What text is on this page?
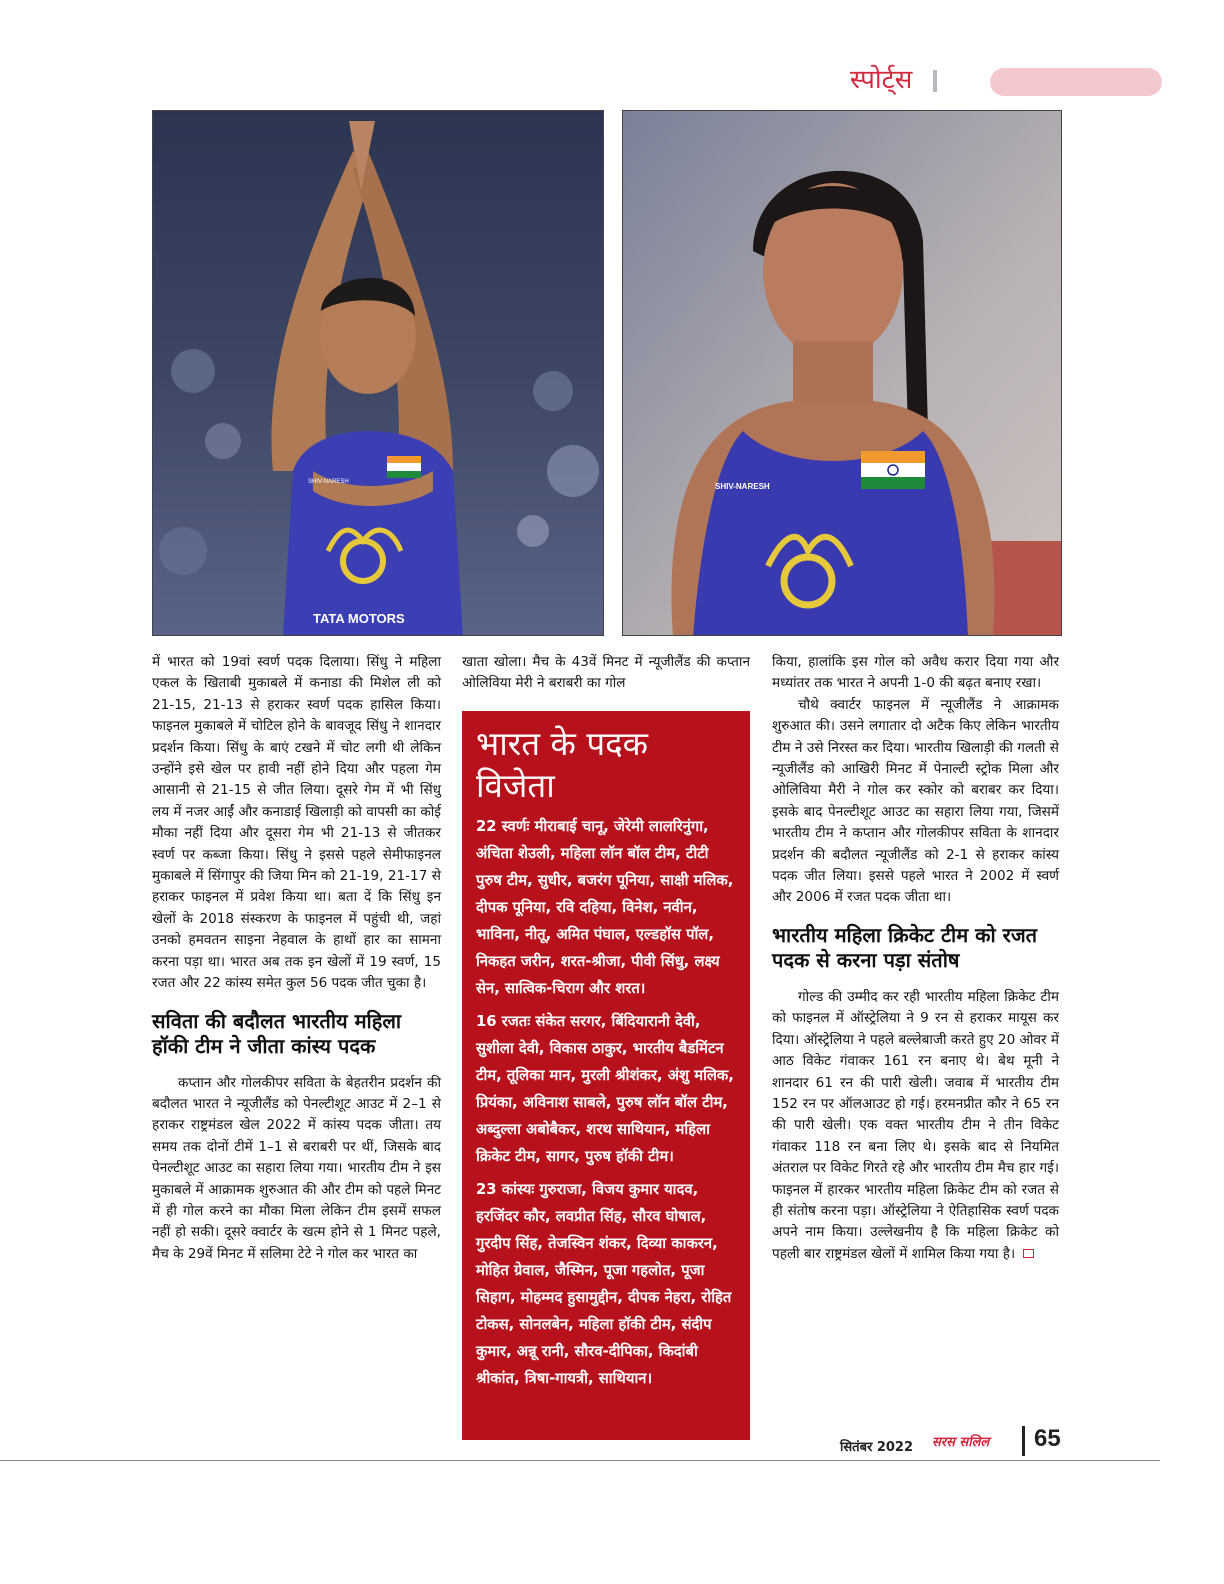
स्पोर्ट्स
TATA MOTORS
SHIV-NARESH	SHIV-NARESH

में भारत को 19वां स्वर्ण पदक दिलाया। सिंधु ने महिला एकल के खिताबी मुकाबले में कनाडा की मिशेल ली को 21-15, 21-13 से हराकर स्वर्ण पदक हासिल किया। फाइनल मुकाबले में चोटिल होने के बावजूद सिंधु ने शानदार प्रदर्शन किया। सिंधु के बाएं टखने में चोट लगी थी लेकिन उन्होंने इसे खेल पर हावी नहीं होने दिया और पहला गेम आसानी से 21-15 से जीत लिया। दूसरे गेम में भी सिंधु लय में नजर आईं और कनाडाई खिलाड़ी को वापसी का कोई मौका नहीं दिया और दूसरा गेम भी 21-13 से जीतकर स्वर्ण पर कब्जा किया। सिंधु ने इससे पहले सेमीफाइनल मुकाबले में सिंगापुर की जिया मिन को 21-19, 21-17 से हराकर फाइनल में प्रवेश किया था। बता दें कि सिंधु इन खेलों के 2018 संस्करण के फाइनल में पहुंची थी, जहां उनको हमवतन साइना नेहवाल के हाथों हार का सामना करना पड़ा था। भारत अब तक इन खेलों में 19 स्वर्ण, 15 रजत और 22 कांस्य समेत कुल 56 पदक जीत चुका है।

सविता की बदौलत भारतीय महिला हॉकी टीम ने जीता कांस्य पदक

कप्तान और गोलकीपर सविता के बेहतरीन प्रदर्शन की बदौलत भारत ने न्यूजीलैंड को पेनल्टीशूट आउट में 2–1 से हराकर राष्ट्रमंडल खेल 2022 में कांस्य पदक जीता। तय समय तक दोनों टीमें 1–1 से बराबरी पर थीं, जिसके बाद पेनल्टीशूट आउट का सहारा लिया गया। भारतीय टीम ने इस मुकाबले में आक्रामक शुरुआत की और टीम को पहले मिनट में ही गोल करने का मौका मिला लेकिन टीम इसमें सफल नहीं हो सकी। दूसरे क्वार्टर के खत्म होने से 1 मिनट पहले, मैच के 29वें मिनट में सलिमा टेटे ने गोल कर भारत का

खाता खोला। मैच के 43वें मिनट में न्यूजीलैंड की कप्तान ओलिविया मेरी ने बराबरी का गोल

भारत के पदक विजेता

22 स्वर्णः मीराबाई चानू, जेरेमी लालरिनुंगा, अंचिता शेउली, महिला लॉन बॉल टीम, टीटी पुरुष टीम, सुधीर, बजरंग पूनिया, साक्षी मलिक, दीपक पूनिया, रवि दहिया, विनेश, नवीन, भाविना, नीतू, अमित पंघाल, एल्डहॉस पॉल, निकहत जरीन, शरत-श्रीजा, पीवी सिंधु, लक्ष्य सेन, सात्विक-चिराग और शरत।

16 रजतः संकेत सरगर, बिंदियारानी देवी, सुशीला देवी, विकास ठाकुर, भारतीय बैडमिंटन टीम, तूलिका मान, मुरली श्रीशंकर, अंशु मलिक, प्रियंका, अविनाश साबले, पुरुष लॉन बॉल टीम, अब्दुल्ला अबोबैकर, शरथ साथियान, महिला क्रिकेट टीम, सागर, पुरुष हॉकी टीम।

23 कांस्यः गुरुराजा, विजय कुमार यादव, हरजिंदर कौर, लवप्रीत सिंह, सौरव घोषाल, गुरदीप सिंह, तेजस्विन शंकर, दिव्या काकरन, मोहित ग्रेवाल, जैस्मिन, पूजा गहलोत, पूजा सिहाग, मोहम्मद हुसामुद्दीन, दीपक नेहरा, रोहित टोकस, सोनलबेन, महिला हॉकी टीम, संदीप कुमार, अन्नू रानी, सौरव-दीपिका, किदांबी श्रीकांत, त्रिषा-गायत्री, साथियान।

किया, हालांकि इस गोल को अवैध करार दिया गया और मध्यांतर तक भारत ने अपनी 1-0 की बढ़त बनाए रखा।

चौथे क्वार्टर फाइनल में न्यूजीलैंड ने आक्रामक शुरुआत की। उसने लगातार दो अटैक किए लेकिन भारतीय टीम ने उसे निरस्त कर दिया। भारतीय खिलाड़ी की गलती से न्यूजीलैंड को आखिरी मिनट में पेनाल्टी स्ट्रोक मिला और ओलिविया मैरी ने गोल कर स्कोर को बराबर कर दिया। इसके बाद पेनल्टीशूट आउट का सहारा लिया गया, जिसमें भारतीय टीम ने कप्तान और गोलकीपर सविता के शानदार प्रदर्शन की बदौलत न्यूजीलैंड को 2-1 से हराकर कांस्य पदक जीत लिया। इससे पहले भारत ने 2002 में स्वर्ण और 2006 में रजत पदक जीता था।

भारतीय महिला क्रिकेट टीम को रजत पदक से करना पड़ा संतोष

गोल्ड की उम्मीद कर रही भारतीय महिला क्रिकेट टीम को फाइनल में ऑस्ट्रेलिया ने 9 रन से हराकर मायूस कर दिया। ऑस्ट्रेलिया ने पहले बल्लेबाजी करते हुए 20 ओवर में आठ विकेट गंवाकर 161 रन बनाए थे। बेथ मूनी ने शानदार 61 रन की पारी खेली। जवाब में भारतीय टीम 152 रन पर ऑलआउट हो गई। हरमनप्रीत कौर ने 65 रन की पारी खेली। एक वक्त भारतीय टीम ने तीन विकेट गंवाकर 118 रन बना लिए थे। इसके बाद से नियमित अंतराल पर विकेट गिरते रहे और भारतीय टीम मैच हार गई। फाइनल में हारकर भारतीय महिला क्रिकेट टीम को रजत से ही संतोष करना पड़ा। ऑस्ट्रेलिया ने ऐतिहासिक स्वर्ण पदक अपने नाम किया। उल्लेखनीय है कि महिला क्रिकेट को पहली बार राष्ट्रमंडल खेलों में शामिल किया गया है।

सितंबर 2022 सरस सलिल 65
